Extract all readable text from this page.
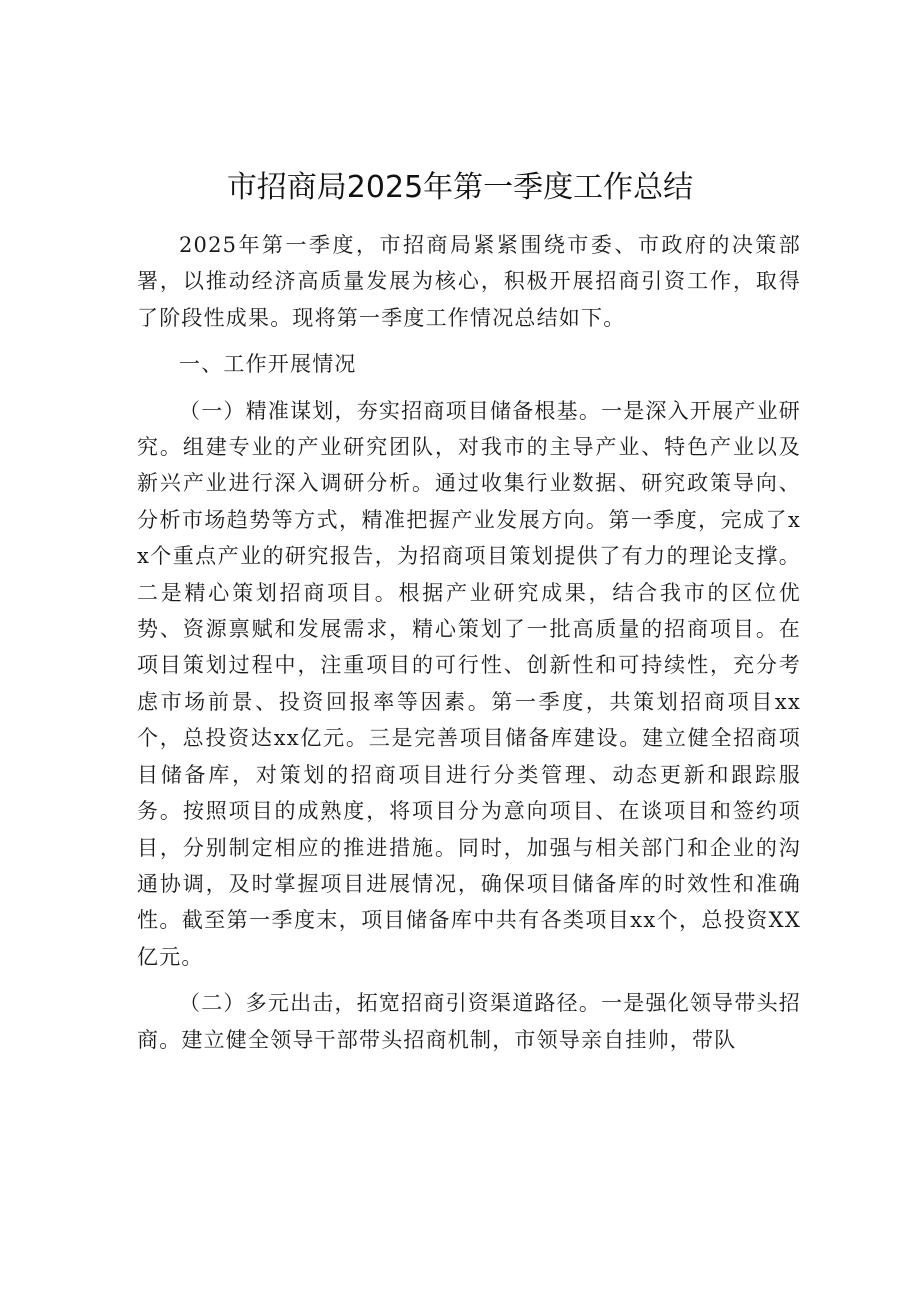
市招商局2025年第一季度工作总结

2025年第一季度，市招商局紧紧围绕市委、市政府的决策部署，以推动经济高质量发展为核心，积极开展招商引资工作，取得了阶段性成果。现将第一季度工作情况总结如下。

一、工作开展情况

（一）精准谋划，夯实招商项目储备根基。一是深入开展产业研究。组建专业的产业研究团队，对我市的主导产业、特色产业以及新兴产业进行深入调研分析。通过收集行业数据、研究政策导向、分析市场趋势等方式，精准把握产业发展方向。第一季度，完成了xx个重点产业的研究报告，为招商项目策划提供了有力的理论支撑。二是精心策划招商项目。根据产业研究成果，结合我市的区位优势、资源禀赋和发展需求，精心策划了一批高质量的招商项目。在项目策划过程中，注重项目的可行性、创新性和可持续性，充分考虑市场前景、投资回报率等因素。第一季度，共策划招商项目xx个，总投资达xx亿元。三是完善项目储备库建设。建立健全招商项目储备库，对策划的招商项目进行分类管理、动态更新和跟踪服务。按照项目的成熟度，将项目分为意向项目、在谈项目和签约项目，分别制定相应的推进措施。同时，加强与相关部门和企业的沟通协调，及时掌握项目进展情况，确保项目储备库的时效性和准确性。截至第一季度末，项目储备库中共有各类项目xx个，总投资XX亿元。

（二）多元出击，拓宽招商引资渠道路径。一是强化领导带头招商。建立健全领导干部带头招商机制，市领导亲自挂帅，带队
